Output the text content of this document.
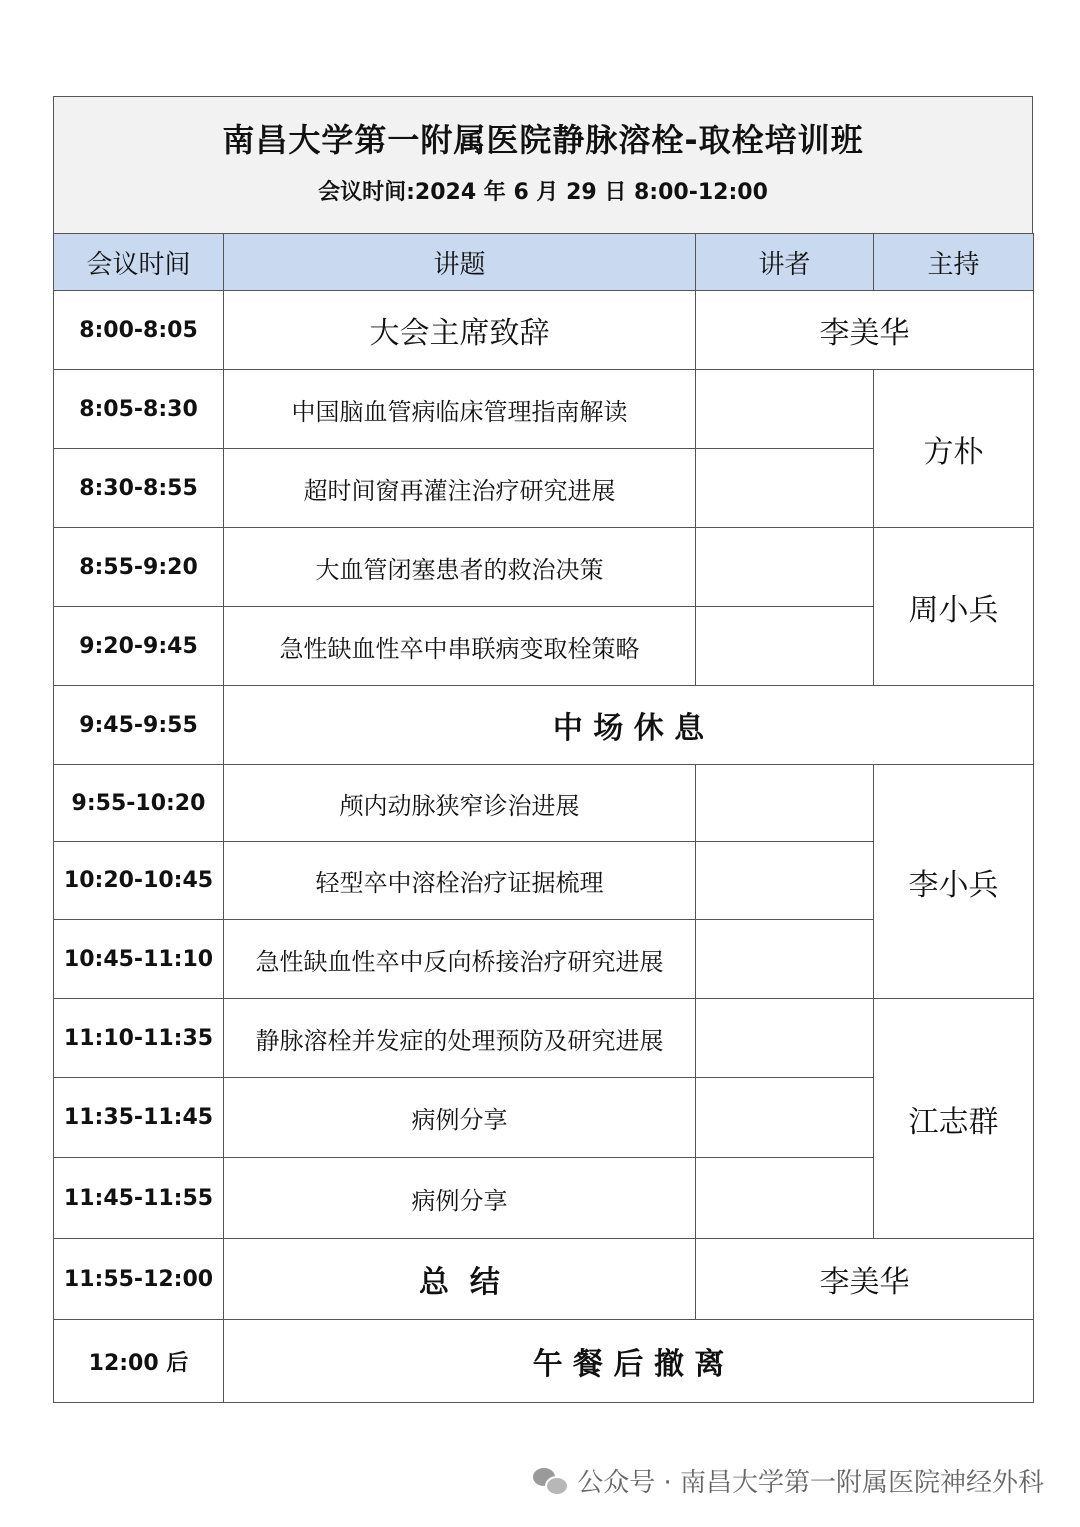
南昌大学第一附属医院静脉溶栓-取栓培训班
会议时间:2024 年 6 月 29 日 8:00-12:00
会议时间	讲题	讲者	主持
8:00-8:05	大会主席致辞	李美华	
8:05-8:30	中国脑血管病临床管理指南解读		方朴
8:30-8:55	超时间窗再灌注治疗研究进展		
8:55-9:20	大血管闭塞患者的救治决策		周小兵
9:20-9:45	急性缺血性卒中串联病变取栓策略		
9:45-9:55	中 场 休 息		
9:55-10:20	颅内动脉狭窄诊治进展		李小兵
10:20-10:45	轻型卒中溶栓治疗证据梳理		
10:45-11:10	急性缺血性卒中反向桥接治疗研究进展		
11:10-11:35	静脉溶栓并发症的处理预防及研究进展		江志群
11:35-11:45	病例分享		
11:45-11:55	病例分享		
11:55-12:00	总  结	李美华	
12:00 后	午 餐 后 撤 离		
公众号 · 南昌大学第一附属医院神经外科
